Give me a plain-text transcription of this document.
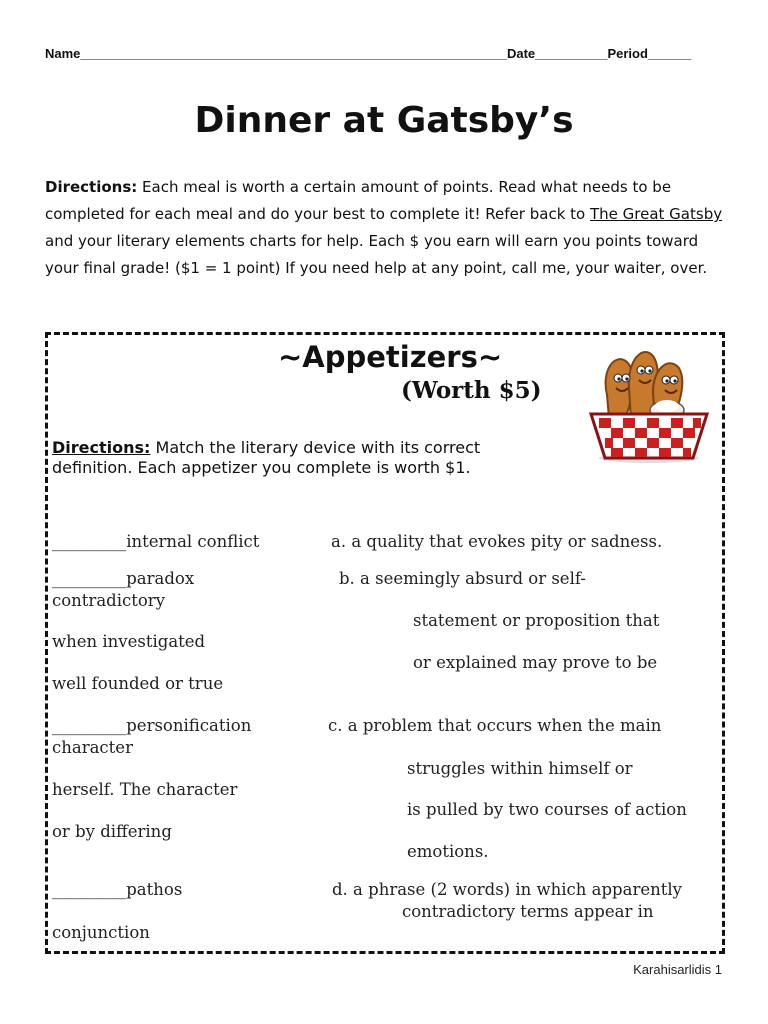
Name___________________________________________________________Date__________Period______
Dinner at Gatsby’s
Directions: Each meal is worth a certain amount of points. Read what needs to be completed for each meal and do your best to complete it! Refer back to The Great Gatsby and your literary elements charts for help. Each $ you earn will earn you points toward your final grade! ($1 = 1 point) If you need help at any point, call me, your waiter, over.
~Appetizers~
(Worth $5)
Directions: Match the literary device with its correct
definition. Each appetizer you complete is worth $1.
_________internal conflict	a. a quality that evokes pity or sadness.
_________paradox	b. a seemingly absurd or self-
contradictory
statement or proposition that
when investigated
or explained may prove to be
well founded or true
_________personification	c. a problem that occurs when the main
character
struggles within himself or
herself. The character
is pulled by two courses of action
or by differing
emotions.
_________pathos	d. a phrase (2 words) in which apparently
contradictory terms appear in
conjunction
Karahisarlidis 1
